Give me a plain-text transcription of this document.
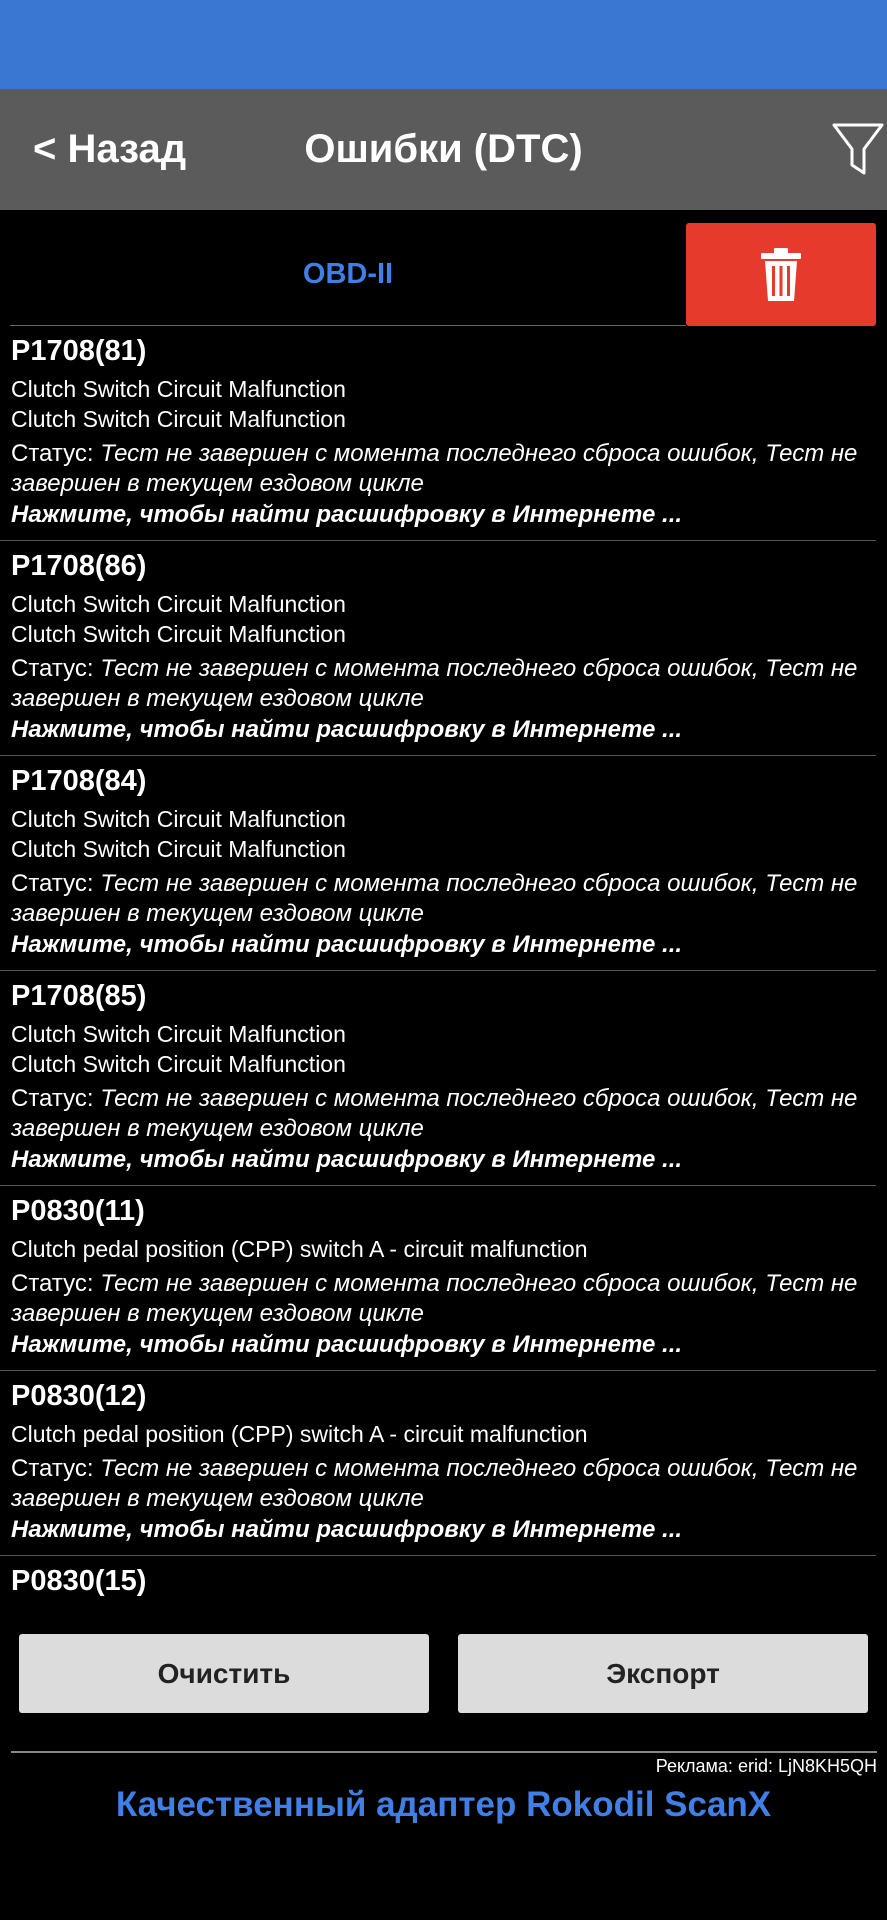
< Назад	Ошибки (DTC)
OBD-II
P1708(81)
Clutch Switch Circuit Malfunction
Clutch Switch Circuit Malfunction
Статус: Тест не завершен с момента последнего сброса ошибок, Тест не завершен в текущем ездовом цикле
Нажмите, чтобы найти расшифровку в Интернете ...
P1708(86)
Clutch Switch Circuit Malfunction
Clutch Switch Circuit Malfunction
Статус: Тест не завершен с момента последнего сброса ошибок, Тест не завершен в текущем ездовом цикле
Нажмите, чтобы найти расшифровку в Интернете ...
P1708(84)
Clutch Switch Circuit Malfunction
Clutch Switch Circuit Malfunction
Статус: Тест не завершен с момента последнего сброса ошибок, Тест не завершен в текущем ездовом цикле
Нажмите, чтобы найти расшифровку в Интернете ...
P1708(85)
Clutch Switch Circuit Malfunction
Clutch Switch Circuit Malfunction
Статус: Тест не завершен с момента последнего сброса ошибок, Тест не завершен в текущем ездовом цикле
Нажмите, чтобы найти расшифровку в Интернете ...
P0830(11)
Clutch pedal position (CPP) switch A - circuit malfunction
Статус: Тест не завершен с момента последнего сброса ошибок, Тест не завершен в текущем ездовом цикле
Нажмите, чтобы найти расшифровку в Интернете ...
P0830(12)
Clutch pedal position (CPP) switch A - circuit malfunction
Статус: Тест не завершен с момента последнего сброса ошибок, Тест не завершен в текущем ездовом цикле
Нажмите, чтобы найти расшифровку в Интернете ...
P0830(15)
Очистить	Экспорт
Реклама: erid: LjN8KH5QH
Качественный адаптер Rokodil ScanX
